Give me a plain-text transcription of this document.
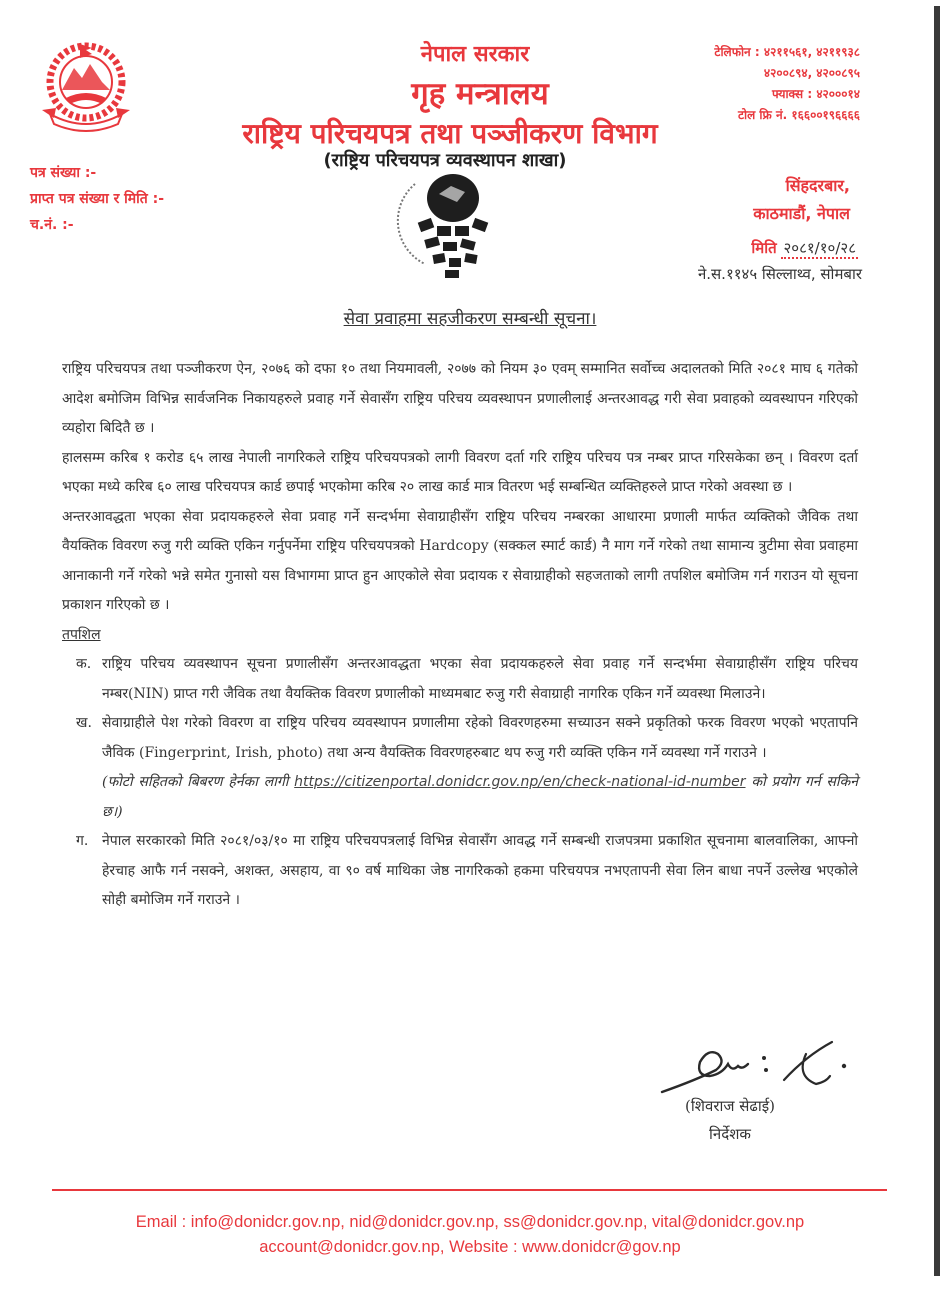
नेपाल सरकार
गृह मन्त्रालय
राष्ट्रिय परिचयपत्र तथा पञ्जीकरण विभाग
(राष्ट्रिय परिचयपत्र व्यवस्थापन शाखा)
टेलिफोन : ४२११५६१, ४२११९३८
४२००८९४, ४२००८९५
फ्याक्स : ४२०००१४
टोल फ्रि नं. १६६००१९६६६६
पत्र संख्या :-
प्राप्त पत्र संख्या र मिति :-
च.नं. :-
सिंहदरबार,
काठमाडौं, नेपाल
मिति २०८१/१०/२८
ने.स.११४५ सिल्लाथ्व, सोमबार
सेवा प्रवाहमा सहजीकरण सम्बन्धी सूचना।

राष्ट्रिय परिचयपत्र तथा पञ्जीकरण ऐन, २०७६ को दफा १० तथा नियमावली, २०७७ को नियम ३० एवम् सम्मानित सर्वोच्च अदालतको मिति २०८१ माघ ६ गतेको आदेश बमोजिम विभिन्न सार्वजनिक निकायहरुले प्रवाह गर्ने सेवासँग राष्ट्रिय परिचय व्यवस्थापन प्रणालीलाई अन्तरआवद्ध गरी सेवा प्रवाहको व्यवस्थापन गरिएको व्यहोरा बिदितै छ ।

हालसम्म करिब १ करोड ६५ लाख नेपाली नागरिकले राष्ट्रिय परिचयपत्रको लागी विवरण दर्ता गरि राष्ट्रिय परिचय पत्र नम्बर प्राप्त गरिसकेका छन् । विवरण दर्ता भएका मध्ये करिब ६० लाख परिचयपत्र कार्ड छपाई भएकोमा करिब २० लाख कार्ड मात्र वितरण भई सम्बन्धित व्यक्तिहरुले प्राप्त गरेको अवस्था छ ।

अन्तरआवद्धता भएका सेवा प्रदायकहरुले सेवा प्रवाह गर्ने सन्दर्भमा सेवाग्राहीसँग राष्ट्रिय परिचय नम्बरका आधारमा प्रणाली मार्फत व्यक्तिको जैविक तथा वैयक्तिक विवरण रुजु गरी व्यक्ति एकिन गर्नुपर्नेमा राष्ट्रिय परिचयपत्रको Hardcopy (सक्कल स्मार्ट कार्ड) नै माग गर्ने गरेको तथा सामान्य त्रुटीमा सेवा प्रवाहमा आनाकानी गर्ने गरेको भन्ने समेत गुनासो यस विभागमा प्राप्त हुन आएकोले सेवा प्रदायक र सेवाग्राहीको सहजताको लागी तपशिल बमोजिम गर्न गराउन यो सूचना प्रकाशन गरिएको छ ।

तपशिल

क. राष्ट्रिय परिचय व्यवस्थापन सूचना प्रणालीसँग अन्तरआवद्धता भएका सेवा प्रदायकहरुले सेवा प्रवाह गर्ने सन्दर्भमा सेवाग्राहीसँग राष्ट्रिय परिचय नम्बर(NIN) प्राप्त गरी जैविक तथा वैयक्तिक विवरण प्रणालीको माध्यमबाट रुजु गरी सेवाग्राही नागरिक एकिन गर्ने व्यवस्था मिलाउने।
ख. सेवाग्राहीले पेश गरेको विवरण वा राष्ट्रिय परिचय व्यवस्थापन प्रणालीमा रहेको विवरणहरुमा सच्याउन सक्ने प्रकृतिको फरक विवरण भएको भएतापनि जैविक (Fingerprint, Irish, photo) तथा अन्य वैयक्तिक विवरणहरुबाट थप रुजु गरी व्यक्ति एकिन गर्ने व्यवस्था गर्ने गराउने ।
(फोटो सहितको बिबरण हेर्नका लागी https://citizenportal.donidcr.gov.np/en/check-national-id-number को प्रयोग गर्न सकिने छ।)
ग. नेपाल सरकारको मिति २०८१/०३/१० मा राष्ट्रिय परिचयपत्रलाई विभिन्न सेवासँग आवद्ध गर्ने सम्बन्धी राजपत्रमा प्रकाशित सूचनामा बालवालिका, आफ्नो हेरचाह आफै गर्न नसक्ने, अशक्त, असहाय, वा ९० वर्ष माथिका जेष्ठ नागरिकको हकमा परिचयपत्र नभएतापनी सेवा लिन बाधा नपर्ने उल्लेख भएकोले सोही बमोजिम गर्ने गराउने ।
(शिवराज सेढाई)
निर्देशक
Email : info@donidcr.gov.np, nid@donidcr.gov.np, ss@donidcr.gov.np, vital@donidcr.gov.np
account@donidcr.gov.np, Website : www.donidcr@gov.np
